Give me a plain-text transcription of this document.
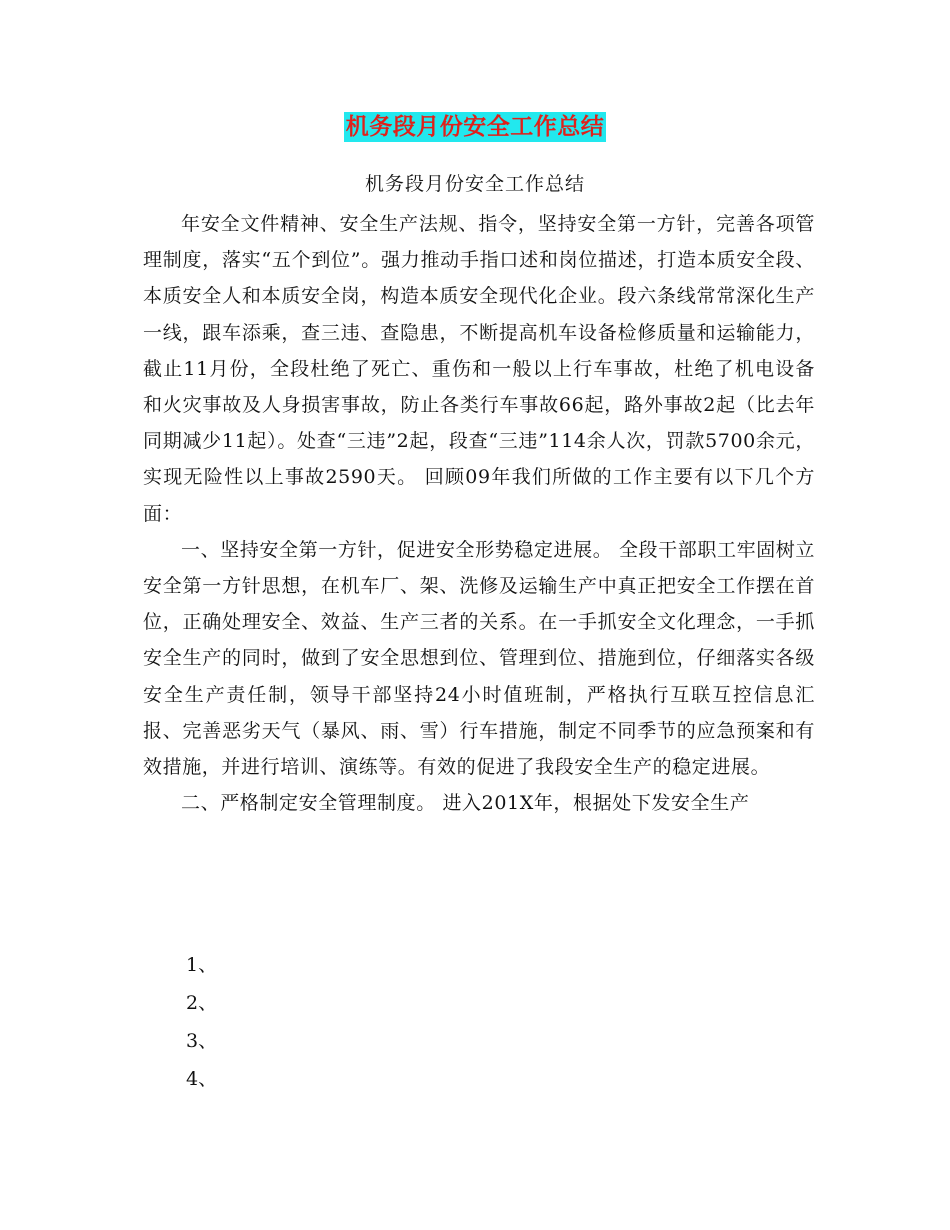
机务段月份安全工作总结
机务段月份安全工作总结

年安全文件精神、安全生产法规、指令，坚持安全第一方针，完善各项管理制度，落实“五个到位”。强力推动手指口述和岗位描述，打造本质安全段、本质安全人和本质安全岗，构造本质安全现代化企业。段六条线常常深化生产一线，跟车添乘，查三违、查隐患，不断提高机车设备检修质量和运输能力，截止11月份，全段杜绝了死亡、重伤和一般以上行车事故，杜绝了机电设备和火灾事故及人身损害事故，防止各类行车事故66起，路外事故2起（比去年同期减少11起）。处查“三违”2起，段查“三违”114余人次，罚款5700余元，实现无险性以上事故2590天。 回顾09年我们所做的工作主要有以下几个方面：

一、坚持安全第一方针，促进安全形势稳定进展。 全段干部职工牢固树立安全第一方针思想，在机车厂、架、洗修及运输生产中真正把安全工作摆在首位，正确处理安全、效益、生产三者的关系。在一手抓安全文化理念，一手抓安全生产的同时，做到了安全思想到位、管理到位、措施到位，仔细落实各级安全生产责任制，领导干部坚持24小时值班制，严格执行互联互控信息汇报、完善恶劣天气（暴风、雨、雪）行车措施，制定不同季节的应急预案和有效措施，并进行培训、演练等。有效的促进了我段安全生产的稳定进展。

二、严格制定安全管理制度。 进入201X年，根据处下发安全生产

1、
2、
3、
4、
